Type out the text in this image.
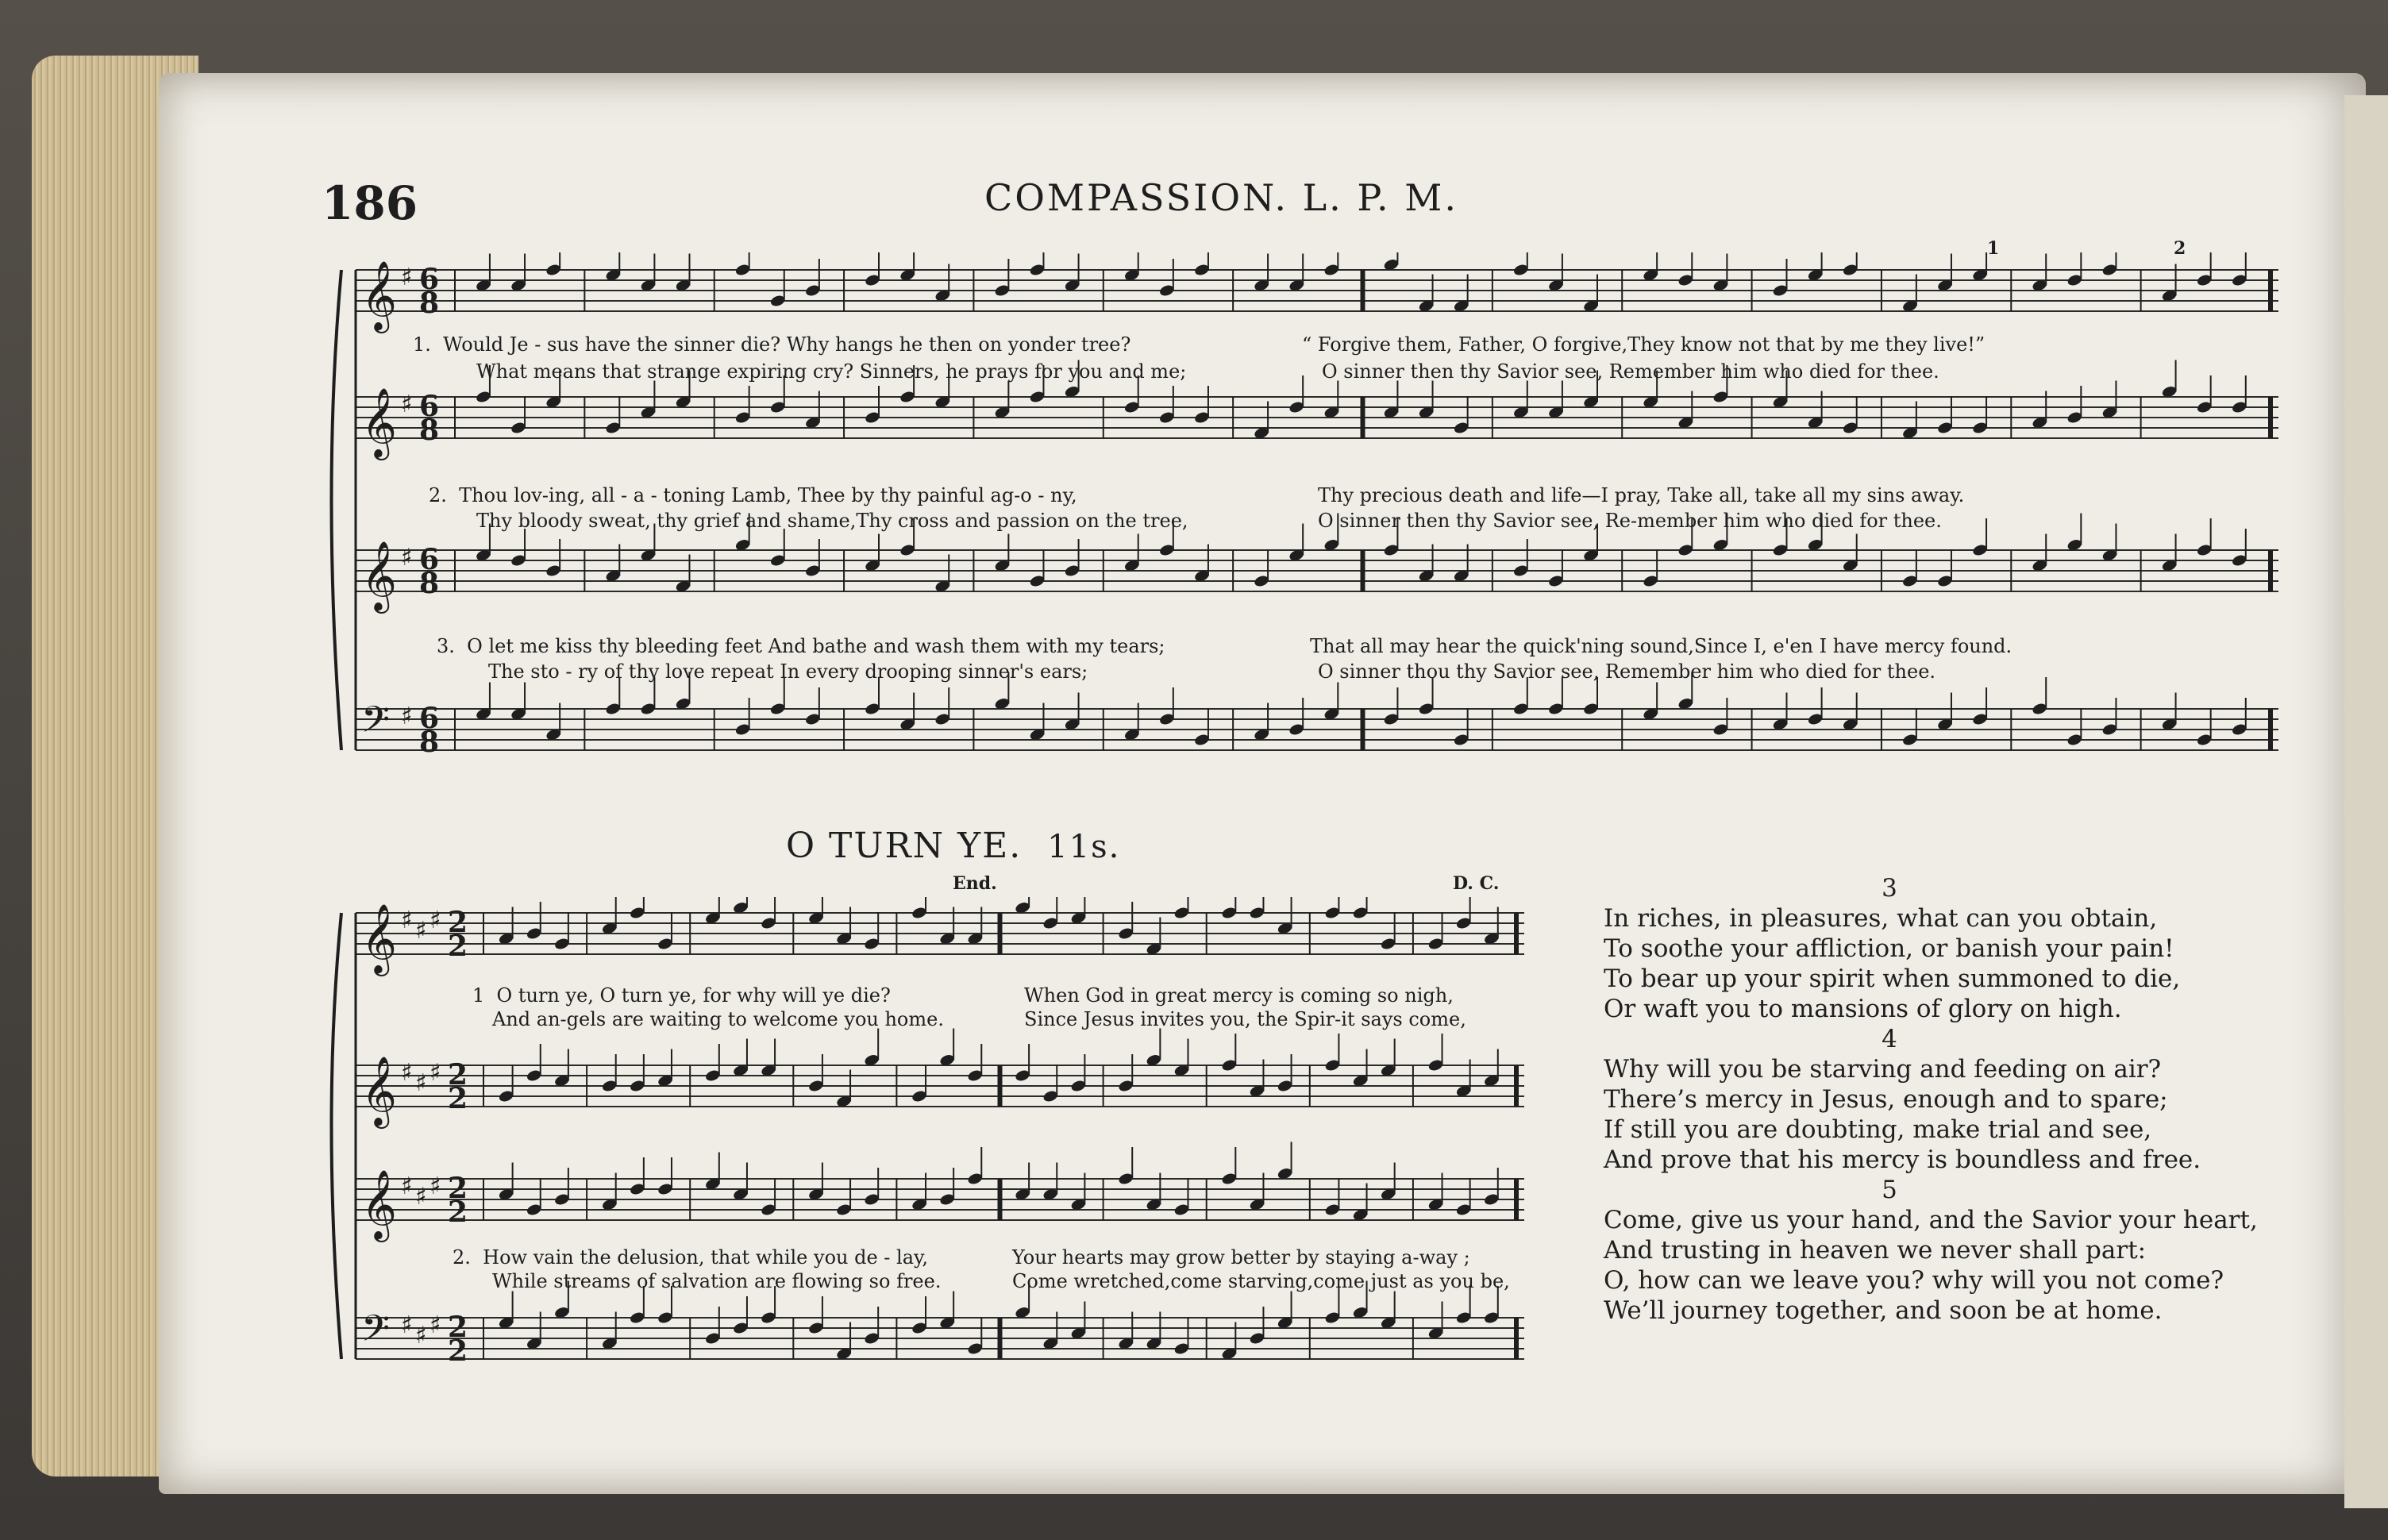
186	COMPASSION. L. P. M.
𝄞 ♯ 6
8
𝄞 ♯ 6
8
𝄞 ♯ 6
8
𝄢 ♯ 6
8
1	2
1. Would Je - sus have the sinner die? Why hangs he then on yonder tree?	“ Forgive them, Father, O forgive,They know not that by me they live!”
What means that strange expiring cry? Sinners, he prays for you and me;	O sinner then thy Savior see, Remember him who died for thee.
2. Thou lov-ing, all - a - toning Lamb, Thee by thy painful ag-o - ny,	Thy precious death and life—I pray, Take all, take all my sins away.
Thy bloody sweat, thy grief and shame,Thy cross and passion on the tree,	O sinner then thy Savior see, Re-member him who died for thee.
3. O let me kiss thy bleeding feet And bathe and wash them with my tears;	That all may hear the quick'ning sound,Since I, e'en I have mercy found.
The sto - ry of thy love repeat In every drooping sinner's ears;	O sinner thou thy Savior see, Remember him who died for thee.
O TURN YE. 11s.
End.	D. C.
𝄞 ♯ ♯ ♯ 2
2
𝄞 ♯ ♯ ♯ 2
2
𝄞 ♯ ♯ ♯ 2
2
𝄢 ♯ ♯ ♯ 2
2
1 O turn ye, O turn ye, for why will ye die?	When God in great mercy is coming so nigh,
And an-gels are waiting to welcome you home.	Since Jesus invites you, the Spir-it says come,
2. How vain the delusion, that while you de - lay,	Your hearts may grow better by staying a-way ;
While streams of salvation are flowing so free.	Come wretched,come starving,come just as you be,
3
In riches, in pleasures, what can you obtain,
To soothe your affliction, or banish your pain!
To bear up your spirit when summoned to die,
Or waft you to mansions of glory on high.
4
Why will you be starving and feeding on air?
There’s mercy in Jesus, enough and to spare;
If still you are doubting, make trial and see,
And prove that his mercy is boundless and free.
5
Come, give us your hand, and the Savior your heart,
And trusting in heaven we never shall part:
O, how can we leave you? why will you not come?
We’ll journey together, and soon be at home.
